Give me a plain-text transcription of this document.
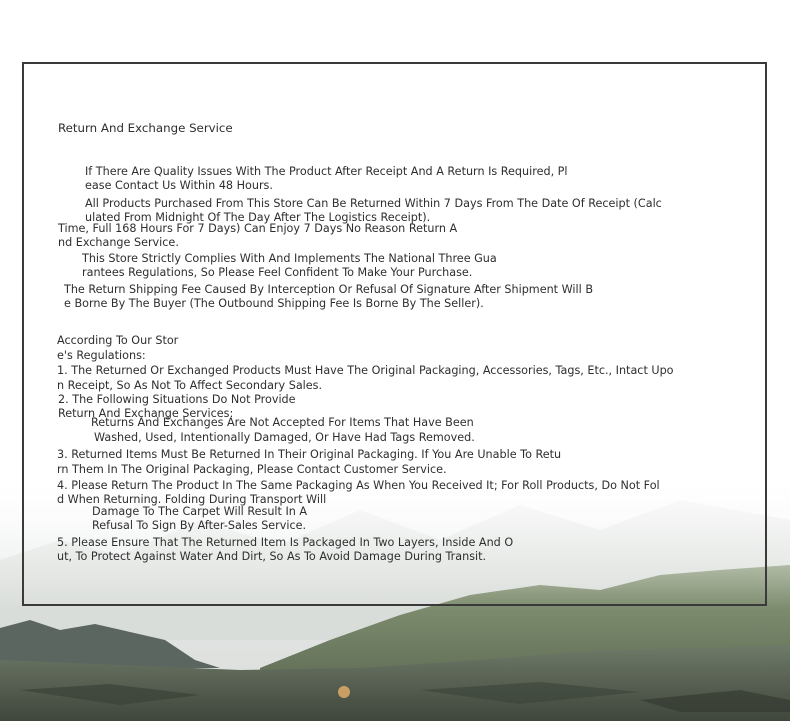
Return And Exchange Service
If There Are Quality Issues With The Product After Receipt And A Return Is Required, Pl
ease Contact Us Within 48 Hours.
All Products Purchased From This Store Can Be Returned Within 7 Days From The Date Of Receipt (Calc
ulated From Midnight Of The Day After The Logistics Receipt).
Time, Full 168 Hours For 7 Days) Can Enjoy 7 Days No Reason Return A
nd Exchange Service.
This Store Strictly Complies With And Implements The National Three Gua
rantees Regulations, So Please Feel Confident To Make Your Purchase.
The Return Shipping Fee Caused By Interception Or Refusal Of Signature After Shipment Will B
e Borne By The Buyer (The Outbound Shipping Fee Is Borne By The Seller).
According To Our Stor
e's Regulations:
1. The Returned Or Exchanged Products Must Have The Original Packaging, Accessories, Tags, Etc., Intact Upo
n Receipt, So As Not To Affect Secondary Sales.
2. The Following Situations Do Not Provide
Return And Exchange Services:
Returns And Exchanges Are Not Accepted For Items That Have Been
Washed, Used, Intentionally Damaged, Or Have Had Tags Removed.
3. Returned Items Must Be Returned In Their Original Packaging. If You Are Unable To Retu
rn Them In The Original Packaging, Please Contact Customer Service.
4. Please Return The Product In The Same Packaging As When You Received It; For Roll Products, Do Not Fol
d When Returning. Folding During Transport Will
Damage To The Carpet Will Result In A
Refusal To Sign By After-Sales Service.
5. Please Ensure That The Returned Item Is Packaged In Two Layers, Inside And O
ut, To Protect Against Water And Dirt, So As To Avoid Damage During Transit.
